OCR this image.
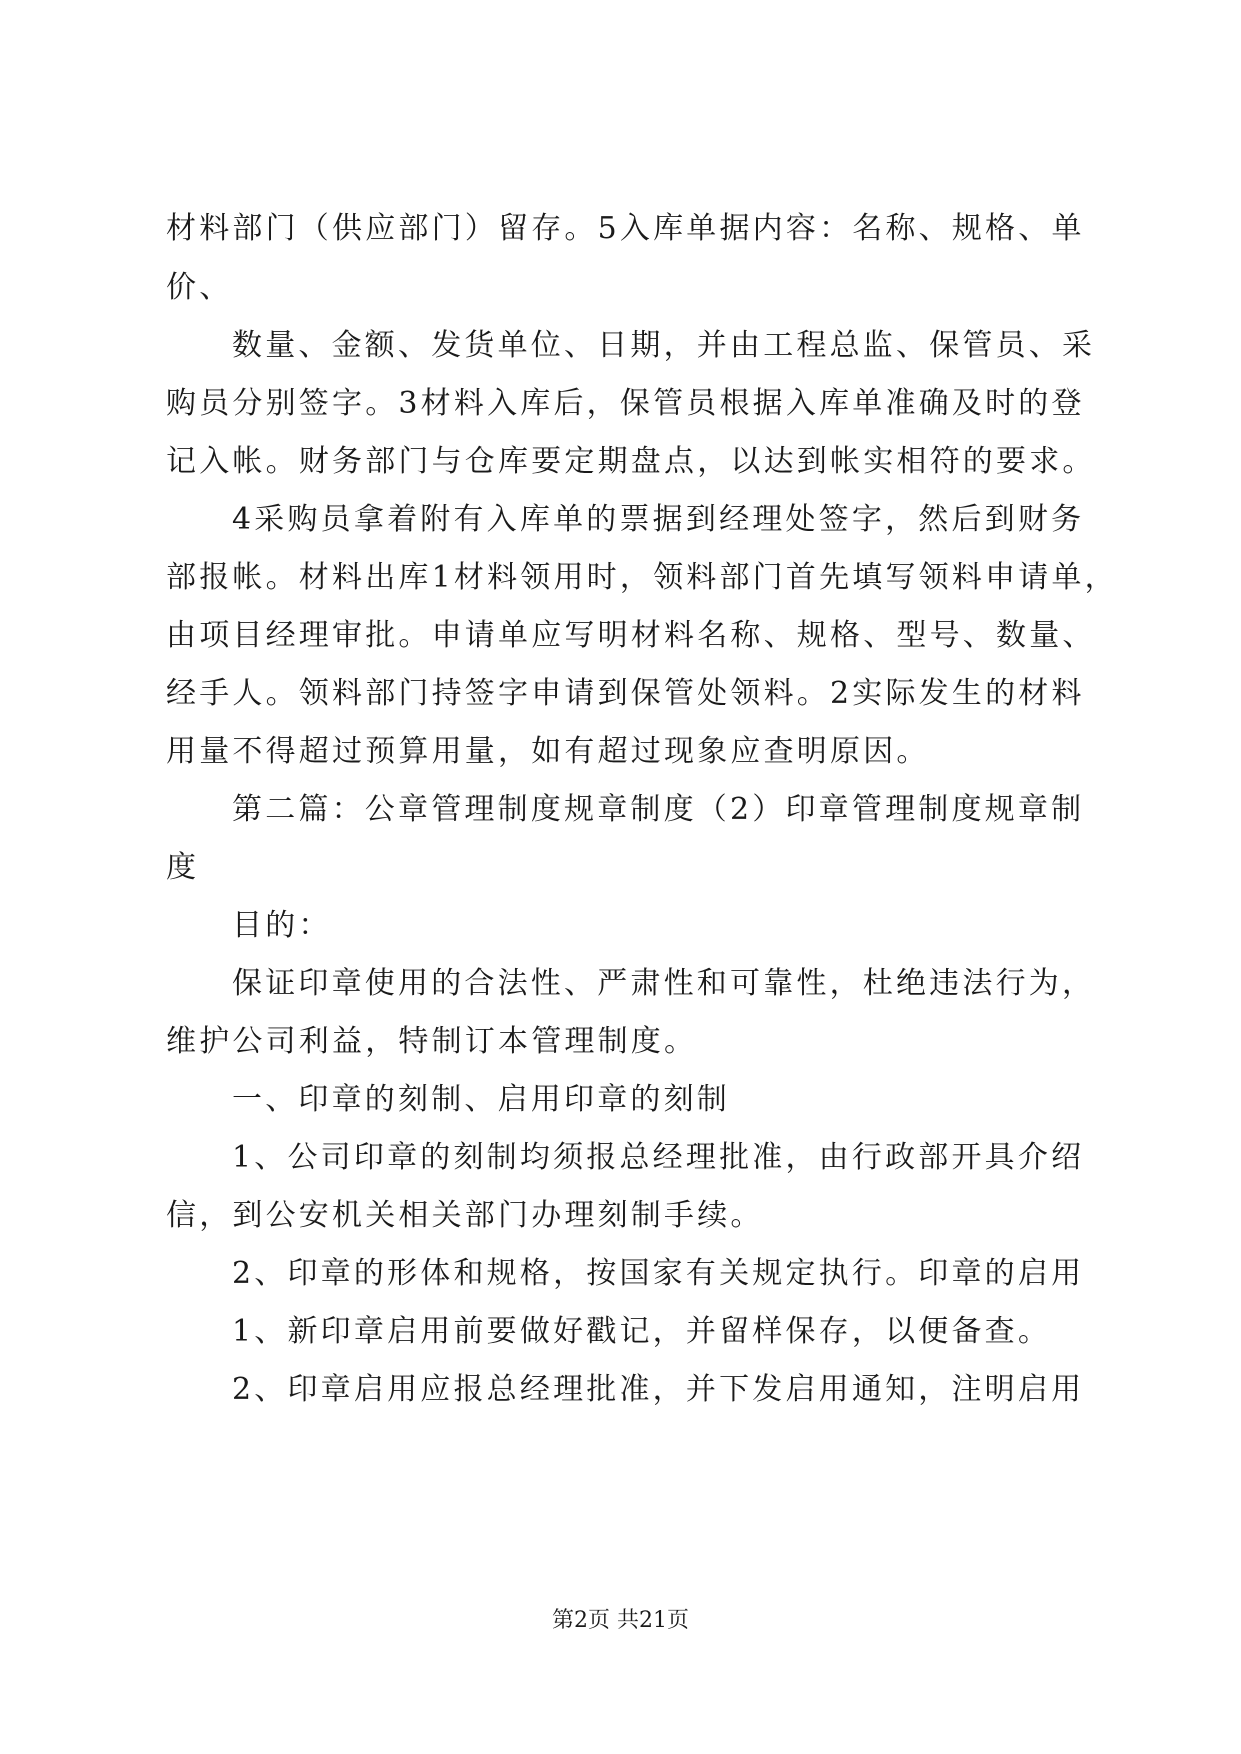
材料部门（供应部门）留存。5入库单据内容：名称、规格、单
价、
数量、金额、发货单位、日期，并由工程总监、保管员、采
购员分别签字。3材料入库后，保管员根据入库单准确及时的登
记入帐。财务部门与仓库要定期盘点，以达到帐实相符的要求。
4采购员拿着附有入库单的票据到经理处签字，然后到财务
部报帐。材料出库1材料领用时，领料部门首先填写领料申请单，
由项目经理审批。申请单应写明材料名称、规格、型号、数量、
经手人。领料部门持签字申请到保管处领料。2实际发生的材料
用量不得超过预算用量，如有超过现象应查明原因。
第二篇：公章管理制度规章制度（2）印章管理制度规章制
度
目的：
保证印章使用的合法性、严肃性和可靠性，杜绝违法行为，
维护公司利益，特制订本管理制度。
一、印章的刻制、启用印章的刻制
1、公司印章的刻制均须报总经理批准，由行政部开具介绍
信，到公安机关相关部门办理刻制手续。
2、印章的形体和规格，按国家有关规定执行。印章的启用
1、新印章启用前要做好戳记，并留样保存，以便备查。
2、印章启用应报总经理批准，并下发启用通知，注明启用
第2页 共21页
